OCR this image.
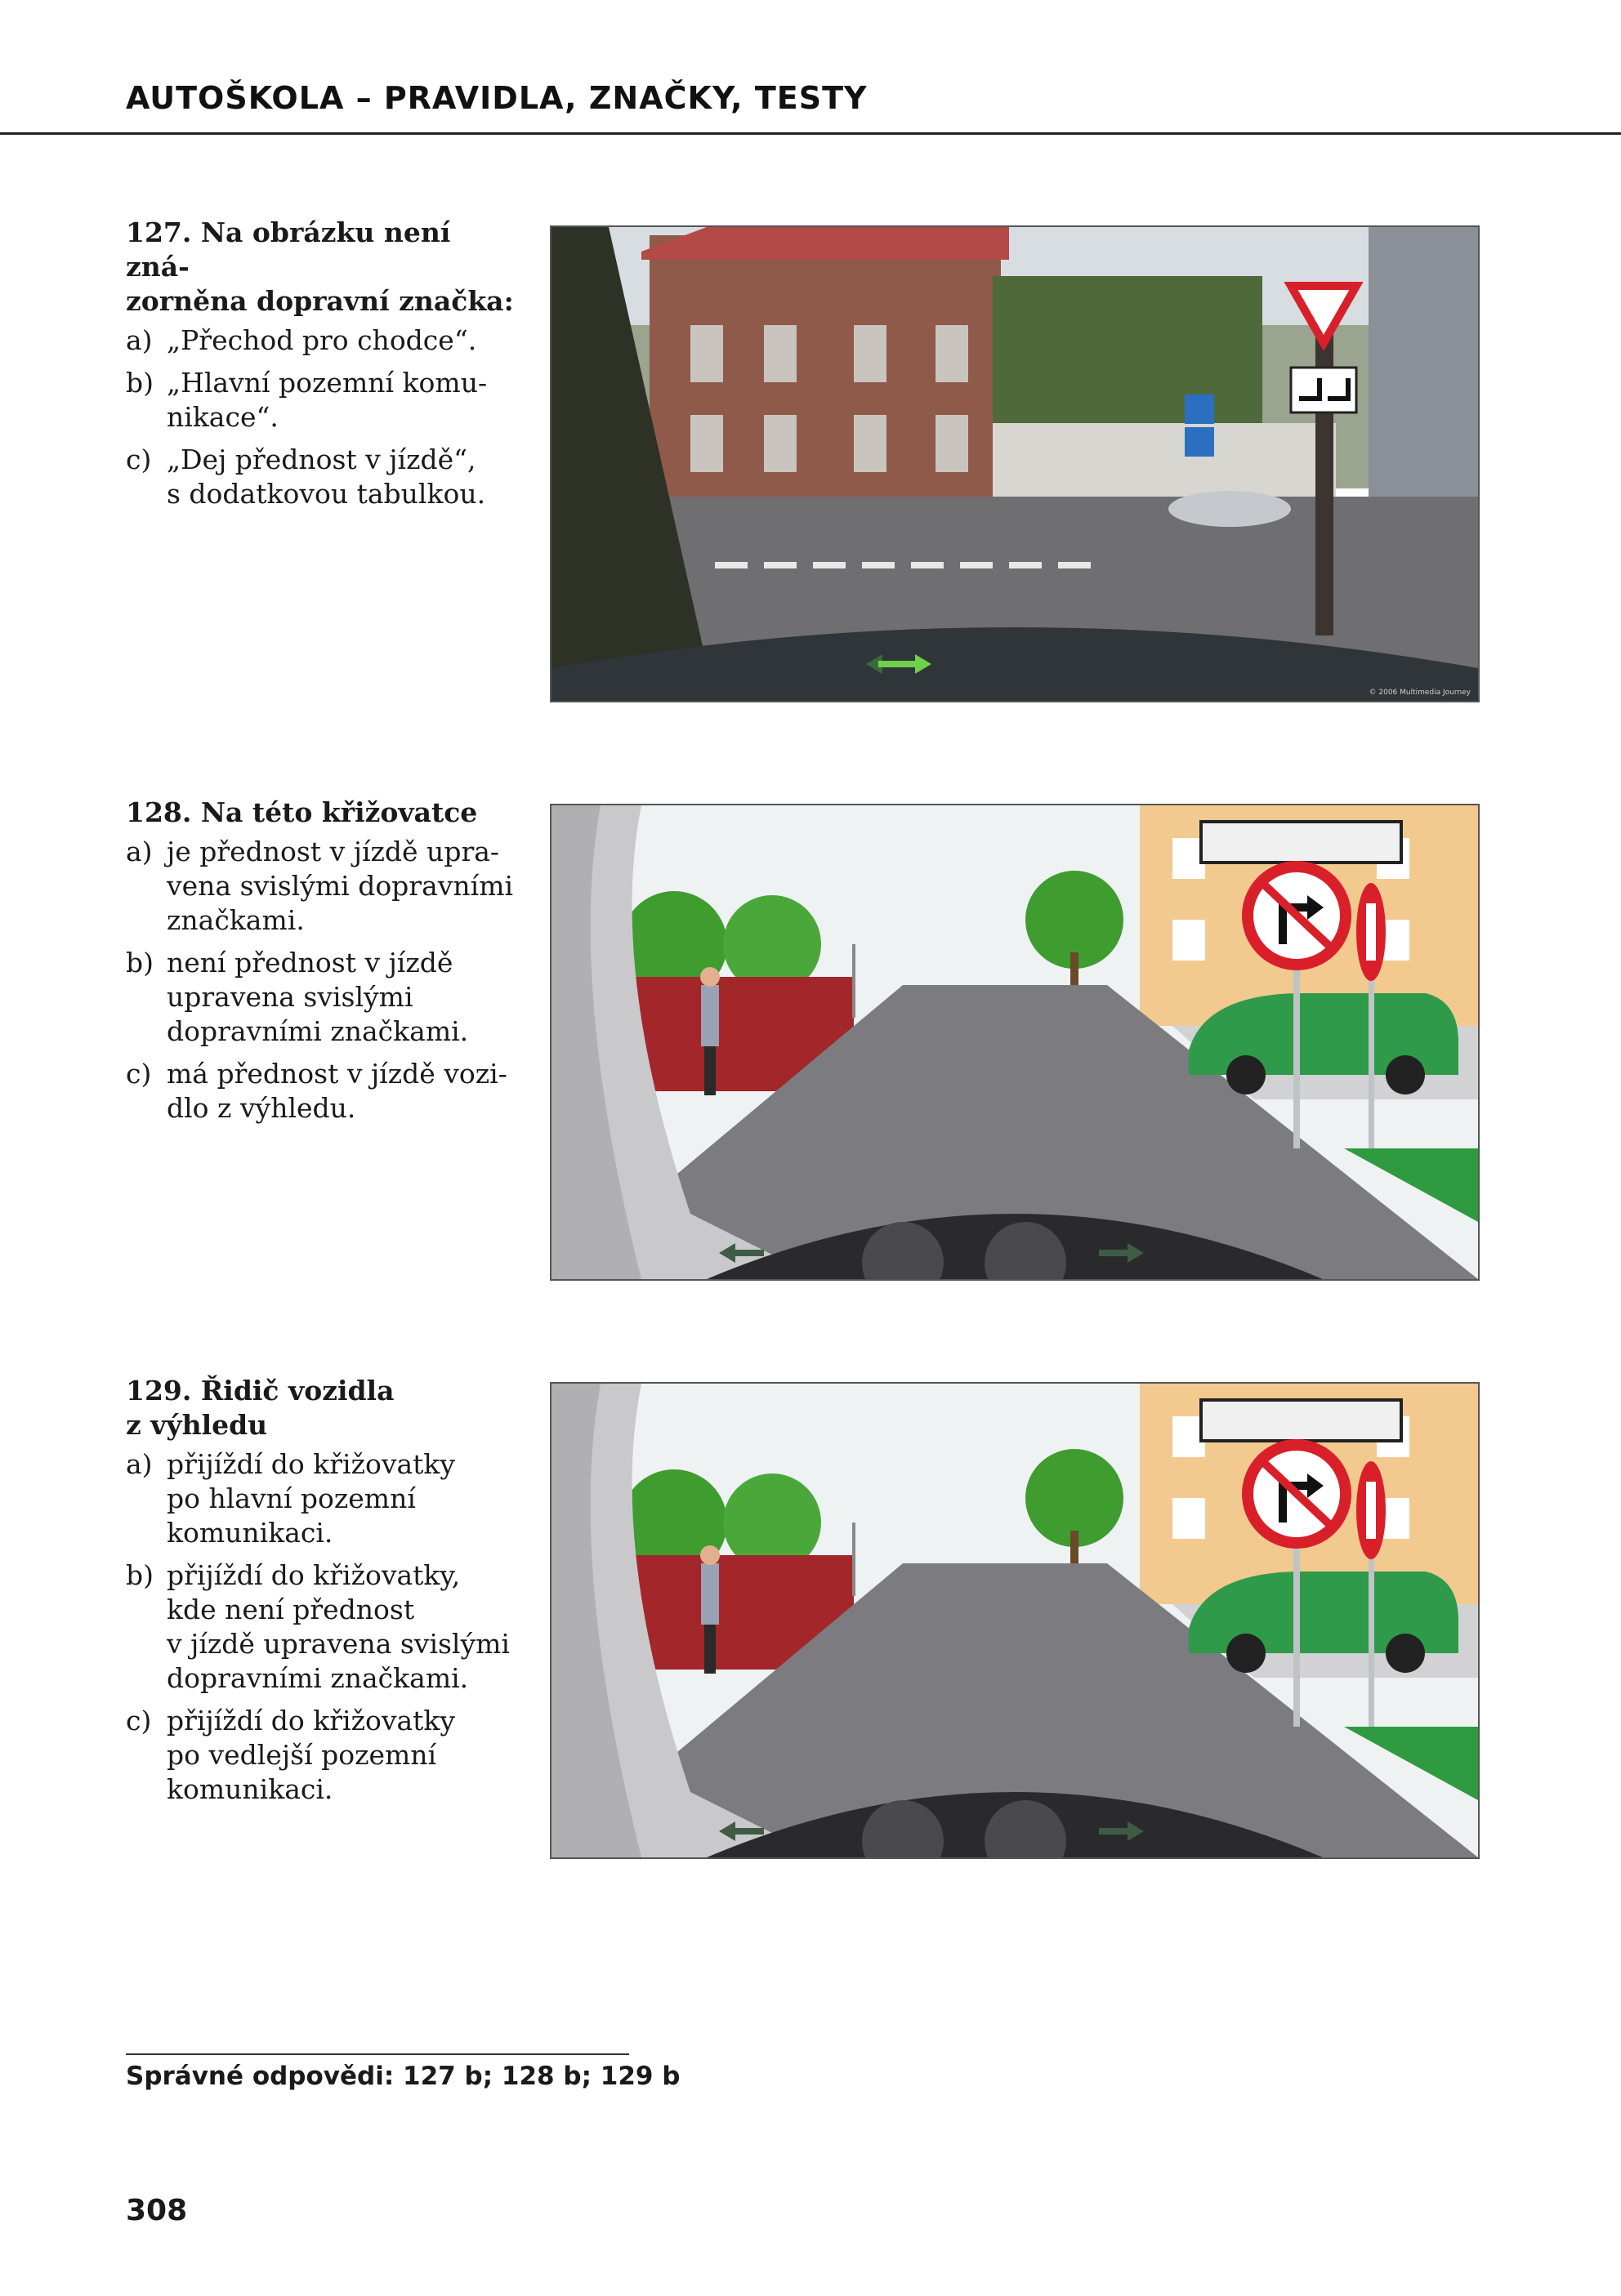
AUTOŠKOLA – PRAVIDLA, ZNAČKY, TESTY
127. Na obrázku není zná-
zorněna dopravní značka:
a) „Přechod pro chodce“.
b) „Hlavní pozemní komu-
nikace“.
c) „Dej přednost v jízdě“,
s dodatkovou tabulkou.
© 2006 Multimedia Journey
128. Na této křižovatce
a) je přednost v jízdě upra-
vena svislými dopravními
značkami.
b) není přednost v jízdě
upravena svislými
dopravními značkami.
c) má přednost v jízdě vozi-
dlo z výhledu.
129. Řidič vozidla
z výhledu
a) přijíždí do křižovatky
po hlavní pozemní
komunikaci.
b) přijíždí do křižovatky,
kde není přednost
v jízdě upravena svislými
dopravními značkami.
c) přijíždí do křižovatky
po vedlejší pozemní
komunikaci.
Správné odpovědi: 127 b; 128 b; 129 b
308
